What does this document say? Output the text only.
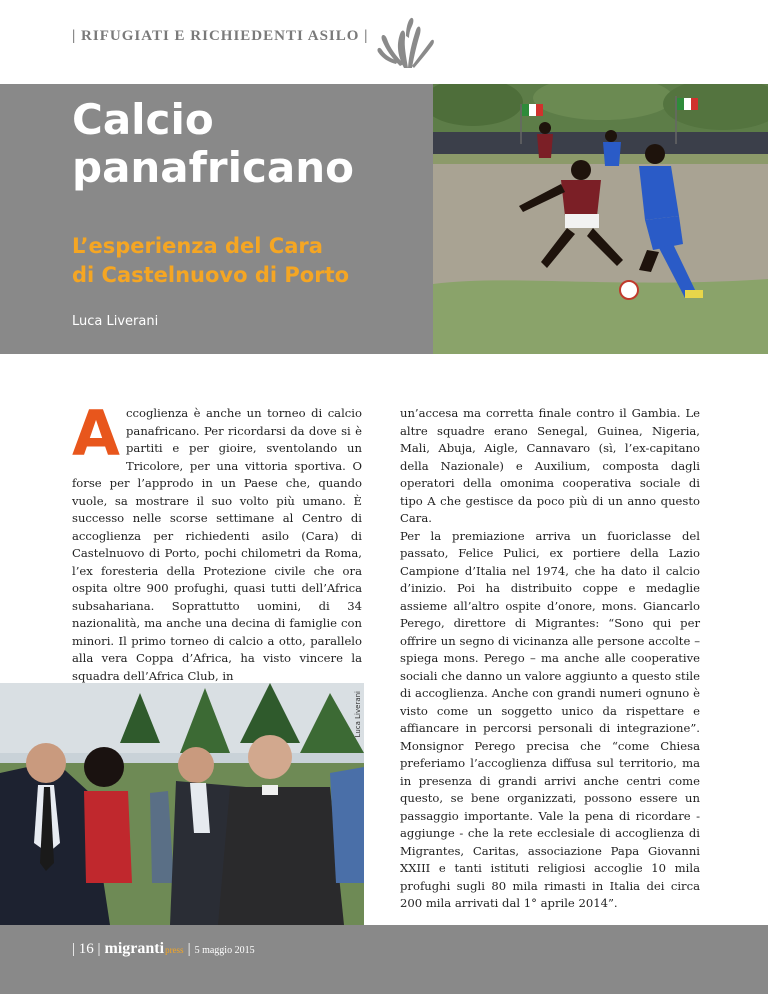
| RIFUGIATI E RICHIEDENTI ASILO |
Calcio
panafricano
L’esperienza del Cara
di Castelnuovo di Porto
Luca Liverani

Accoglienza è anche un torneo di calcio panafricano. Per ricordarsi da dove si è partiti e per gioire, sventolando un Tricolore, per una vittoria sportiva. O forse per l’approdo in un Paese che, quando vuole, sa mostrare il suo volto più umano. È successo nelle scorse settimane al Centro di accoglienza per richiedenti asilo (Cara) di Castelnuovo di Porto, pochi chilometri da Roma, l’ex foresteria della Protezione civile che ora ospita oltre 900 profughi, quasi tutti dell’Africa subsahariana. Soprattutto uomini, di 34 nazionalità, ma anche una decina di famiglie con minori. Il primo torneo di calcio a otto, parallelo alla vera Coppa d’Africa, ha visto vincere la squadra dell’Africa Club, in

un’accesa ma corretta finale contro il Gambia. Le altre squadre erano Senegal, Guinea, Nigeria, Mali, Abuja, Aigle, Cannavaro (sì, l’ex-capitano della Nazionale) e Auxilium, composta dagli operatori della omonima cooperativa sociale di tipo A che gestisce da poco più di un anno questo Cara.

Per la premiazione arriva un fuoriclasse del passato, Felice Pulici, ex portiere della Lazio Campione d’Italia nel 1974, che ha dato il calcio d’inizio. Poi ha distribuito coppe e medaglie assieme all’altro ospite d’onore, mons. Giancarlo Perego, direttore di Migrantes: “Sono qui per offrire un segno di vicinanza alle persone accolte – spiega mons. Perego – ma anche alle cooperative sociali che danno un valore aggiunto a questo stile di accoglienza. Anche con grandi numeri ognuno è visto come un soggetto unico da rispettare e affiancare in percorsi personali di integrazione”. Monsignor Perego precisa che “come Chiesa preferiamo l’accoglienza diffusa sul territorio, ma in presenza di grandi arrivi anche centri come questo, se bene organizzati, possono essere un passaggio importante. Vale la pena di ricordare - aggiunge - che la rete ecclesiale di accoglienza di Migrantes, Caritas, associazione Papa Giovanni XXIII e tanti istituti religiosi accoglie 10 mila profughi sugli 80 mila rimasti in Italia dei circa 200 mila arrivati dal 1° aprile 2014”.

Luca Liverani
| 16 | migranti press | 5 maggio 2015
